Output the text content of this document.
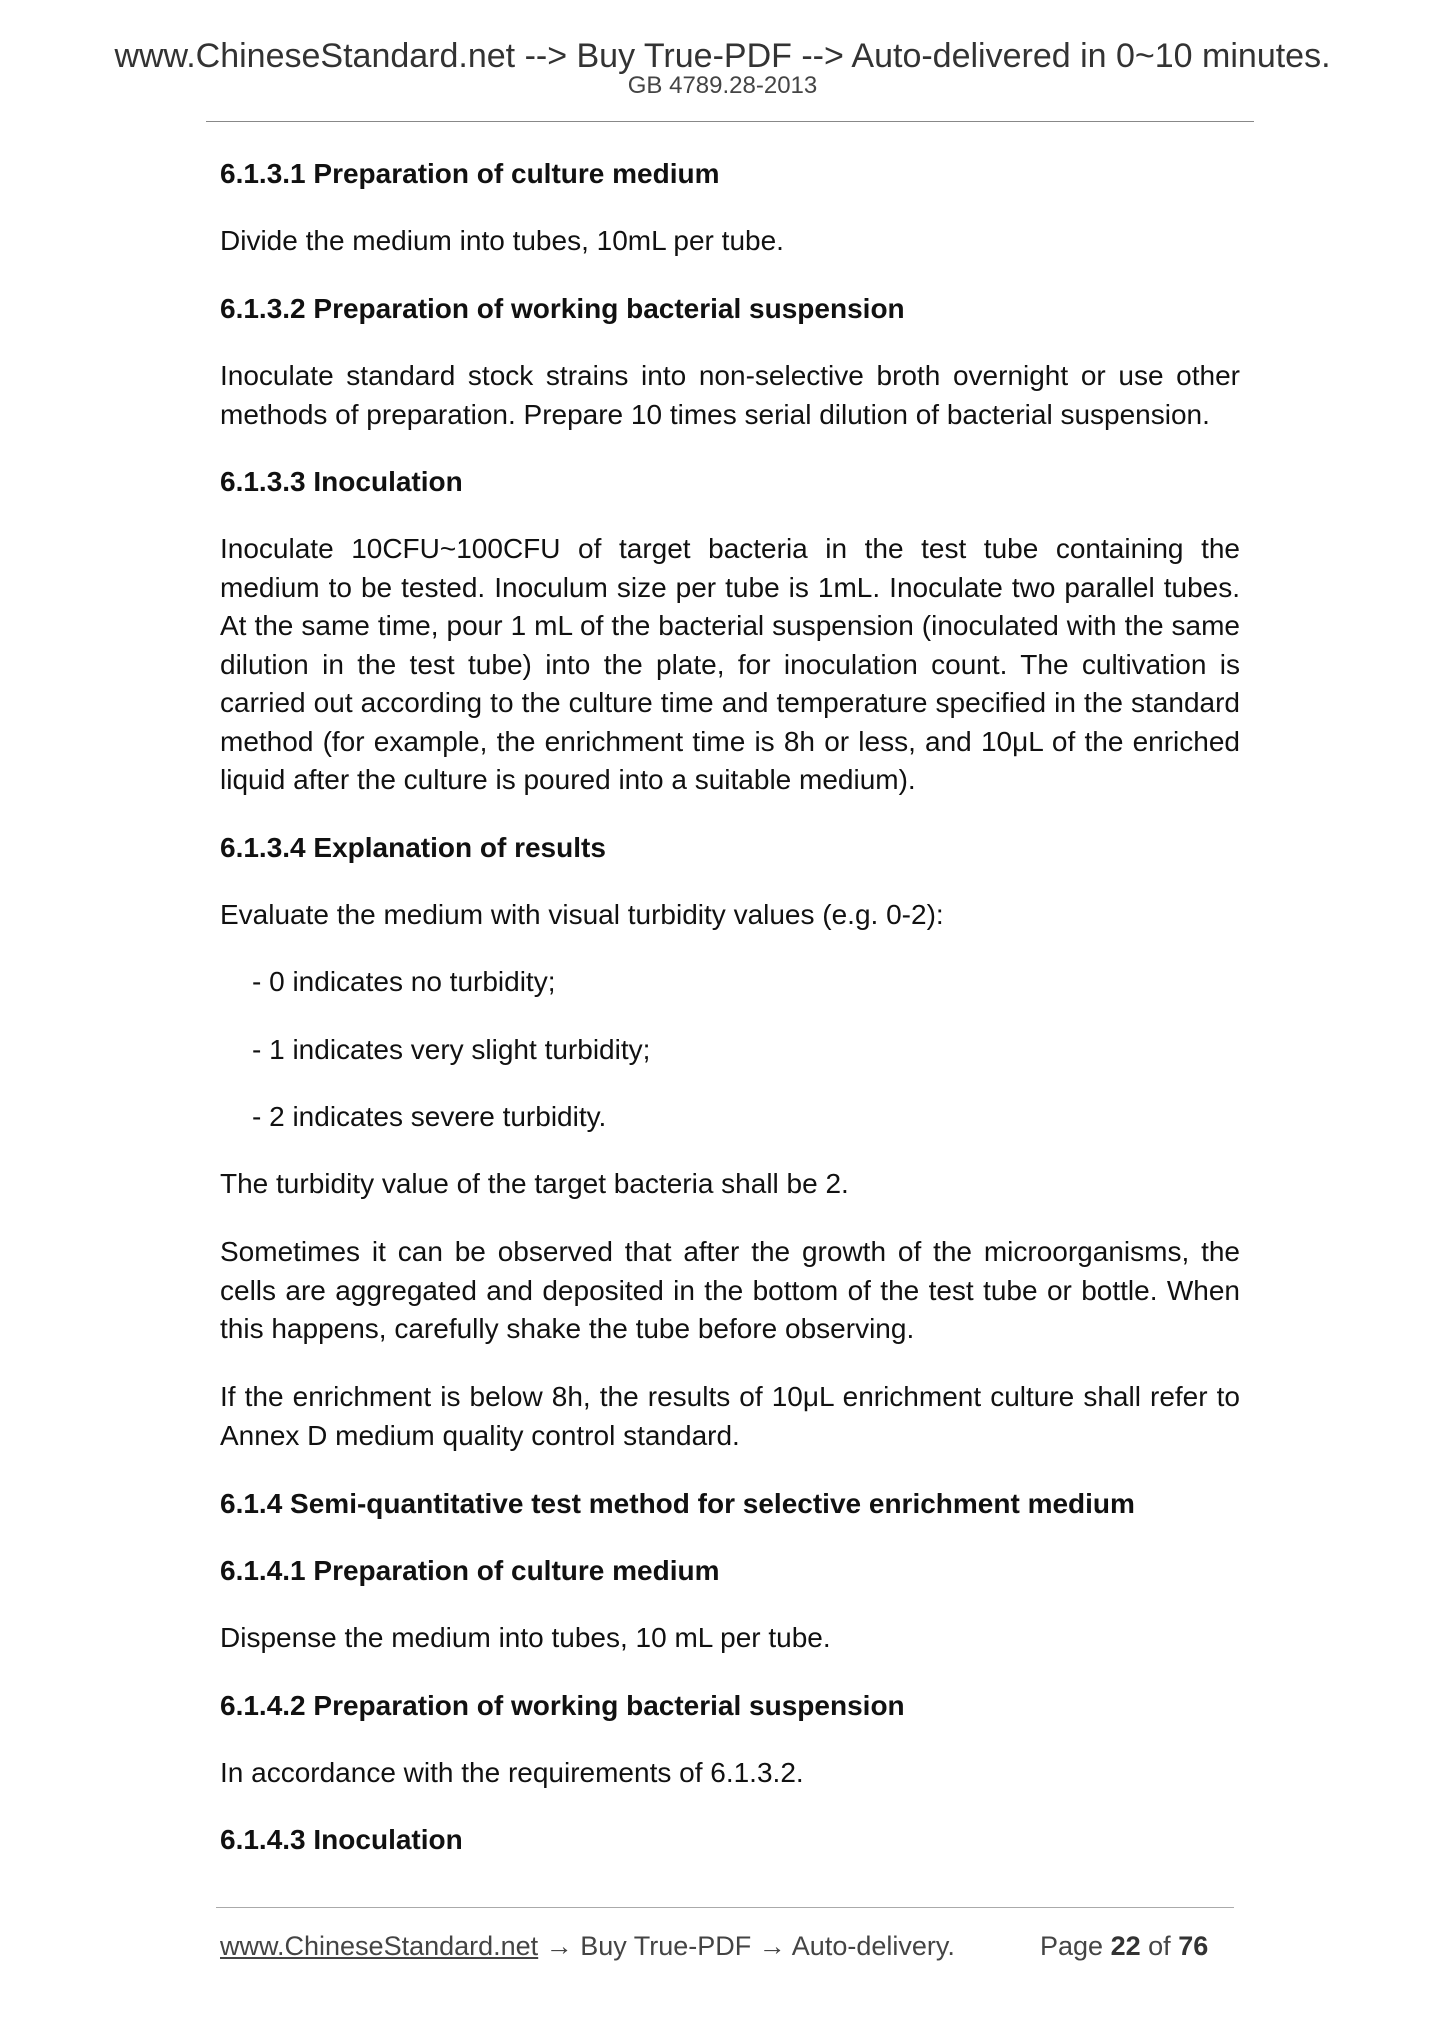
www.ChineseStandard.net --> Buy True-PDF --> Auto-delivered in 0~10 minutes.
GB 4789.28-2013
6.1.3.1 Preparation of culture medium

Divide the medium into tubes, 10mL per tube.

6.1.3.2 Preparation of working bacterial suspension

Inoculate standard stock strains into non-selective broth overnight or use other methods of preparation. Prepare 10 times serial dilution of bacterial suspension.

6.1.3.3 Inoculation

Inoculate 10CFU~100CFU of target bacteria in the test tube containing the medium to be tested. Inoculum size per tube is 1mL. Inoculate two parallel tubes. At the same time, pour 1 mL of the bacterial suspension (inoculated with the same dilution in the test tube) into the plate, for inoculation count. The cultivation is carried out according to the culture time and temperature specified in the standard method (for example, the enrichment time is 8h or less, and 10μL of the enriched liquid after the culture is poured into a suitable medium).

6.1.3.4 Explanation of results

Evaluate the medium with visual turbidity values (e.g. 0-2):

- 0 indicates no turbidity;

- 1 indicates very slight turbidity;

- 2 indicates severe turbidity.

The turbidity value of the target bacteria shall be 2.

Sometimes it can be observed that after the growth of the microorganisms, the cells are aggregated and deposited in the bottom of the test tube or bottle. When this happens, carefully shake the tube before observing.

If the enrichment is below 8h, the results of 10μL enrichment culture shall refer to Annex D medium quality control standard.

6.1.4 Semi-quantitative test method for selective enrichment medium
6.1.4.1 Preparation of culture medium

Dispense the medium into tubes, 10 mL per tube.

6.1.4.2 Preparation of working bacterial suspension

In accordance with the requirements of 6.1.3.2.

6.1.4.3 Inoculation
www.ChineseStandard.net → Buy True-PDF → Auto-delivery.	Page 22 of 76
